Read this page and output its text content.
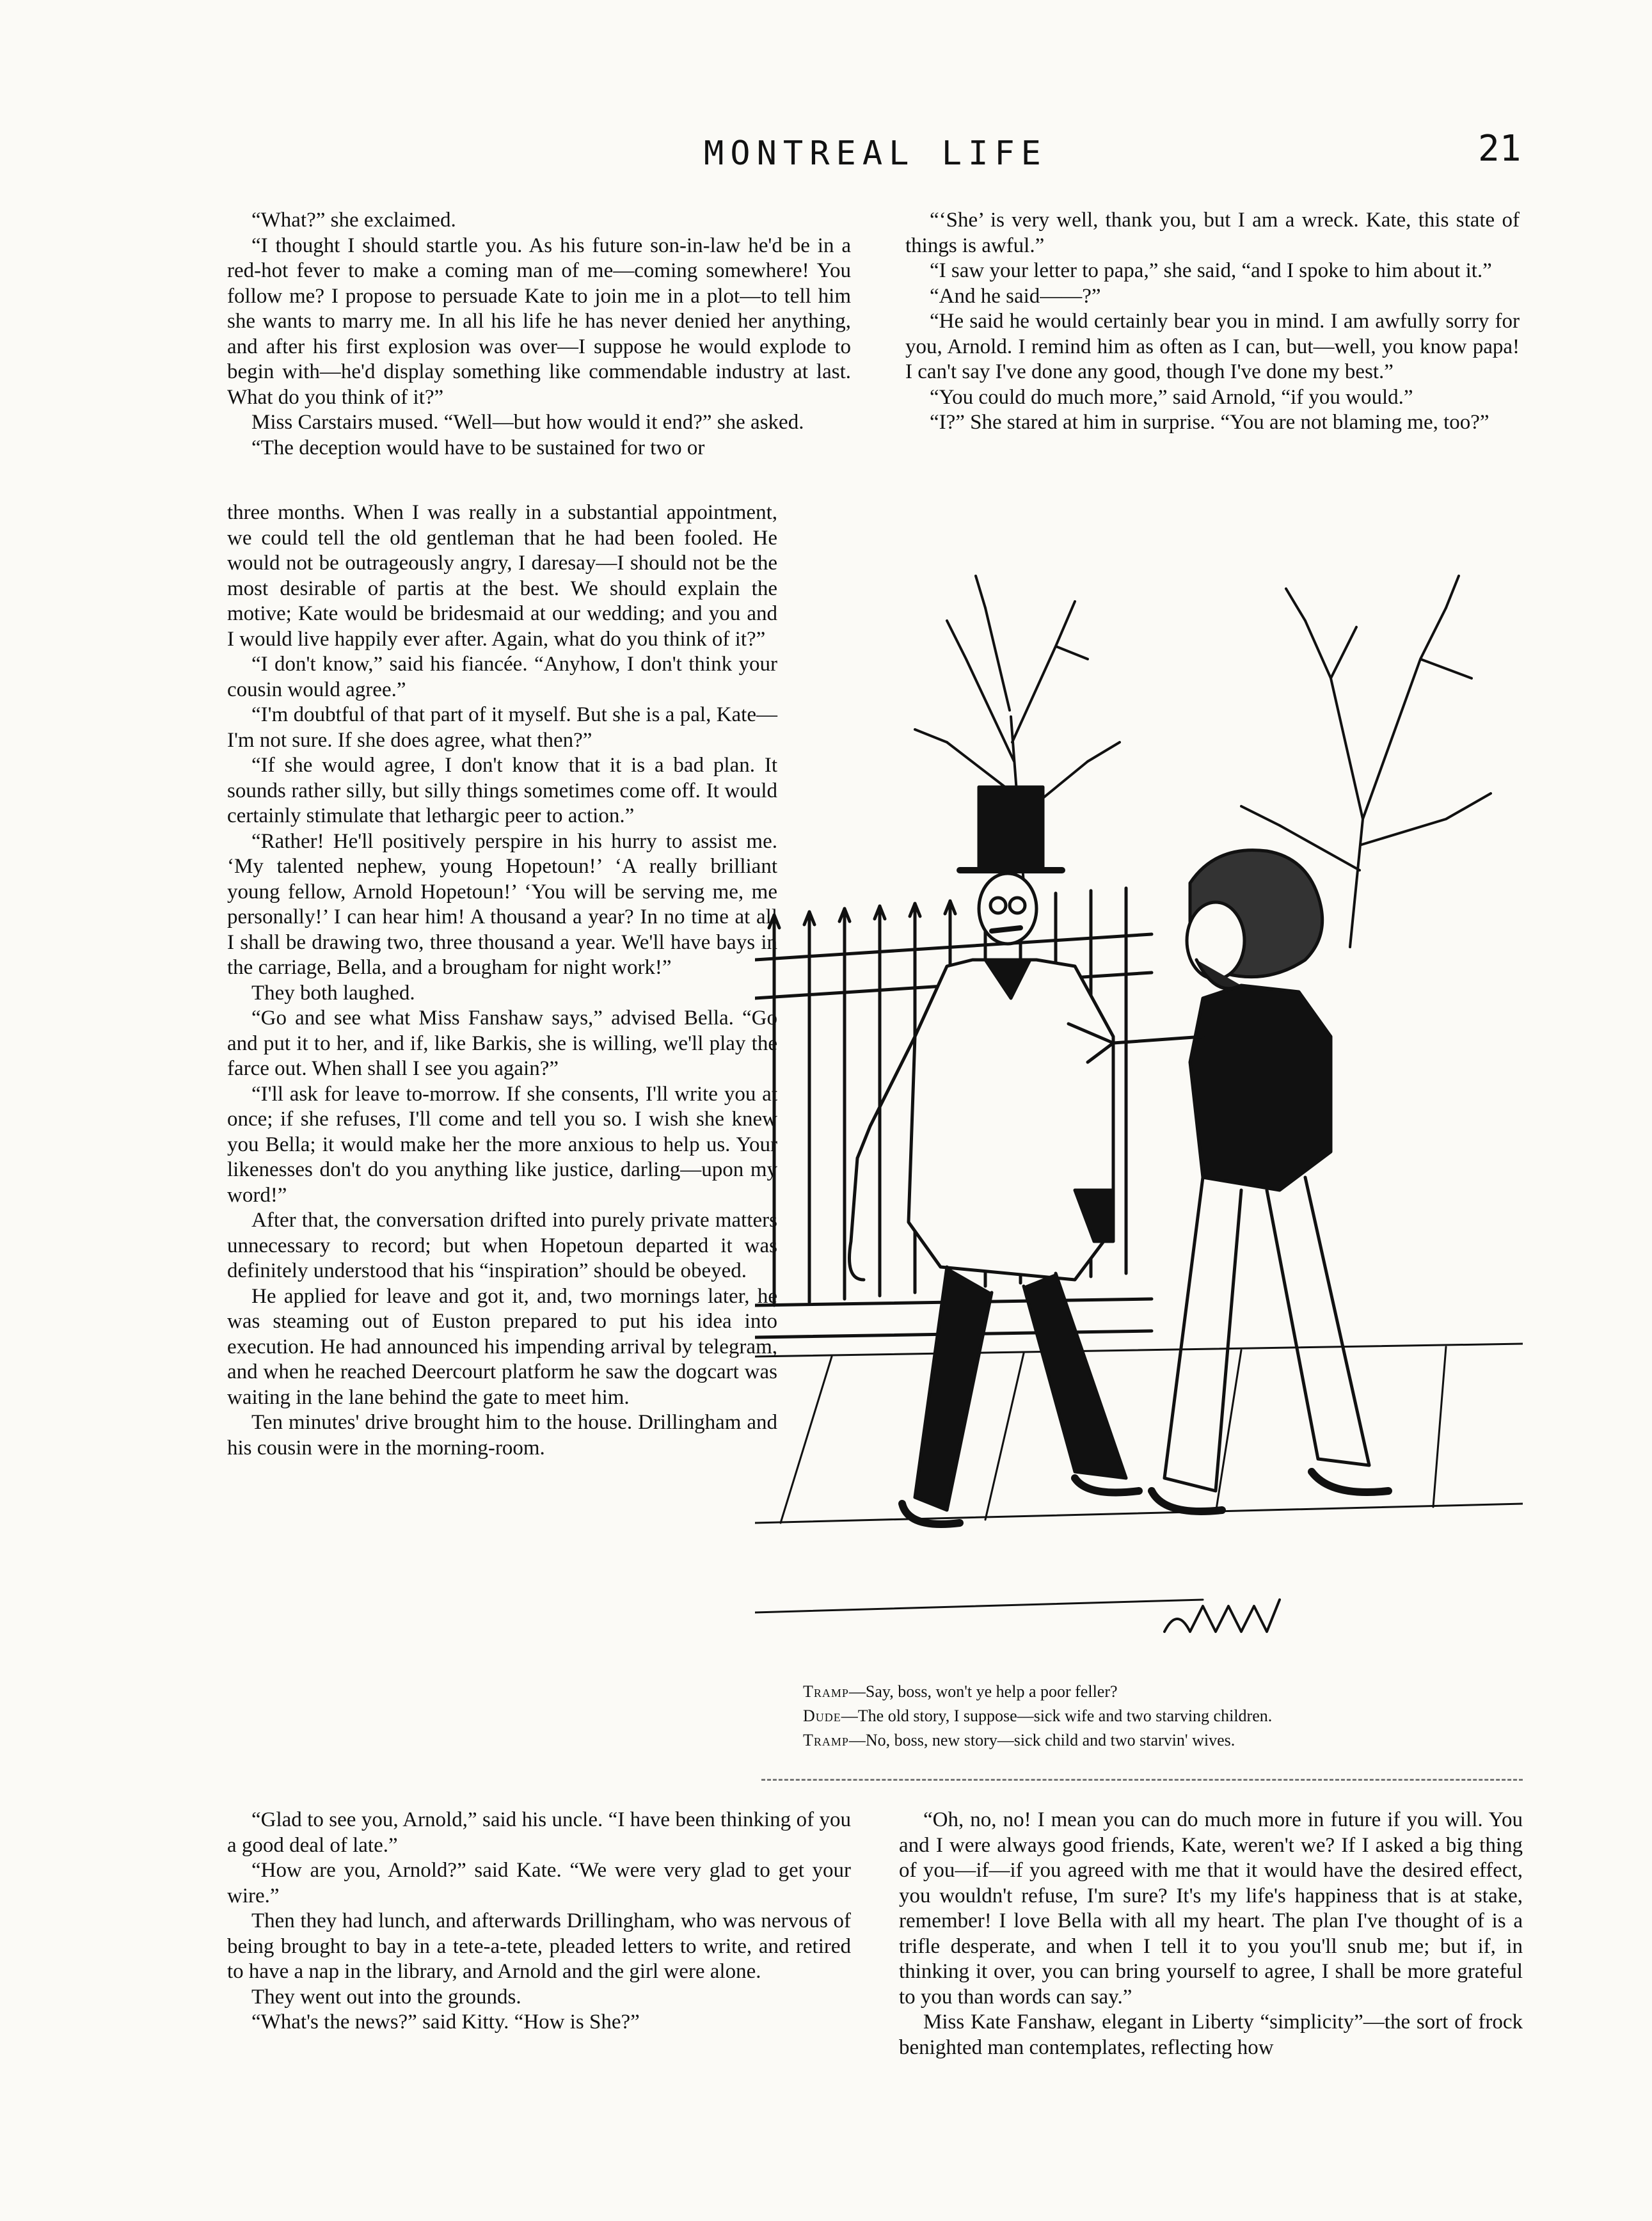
MONTREAL LIFE	21

“What?” she exclaimed.

“I thought I should startle you. As his future son-in-law he'd be in a red-hot fever to make a coming man of me—coming somewhere! You follow me? I propose to persuade Kate to join me in a plot—to tell him she wants to marry me. In all his life he has never denied her anything, and after his first explosion was over—I suppose he would explode to begin with—he'd display something like commendable industry at last. What do you think of it?”

Miss Carstairs mused. “Well—but how would it end?” she asked.

“The deception would have to be sustained for two or

three months. When I was really in a substantial appointment, we could tell the old gentleman that he had been fooled. He would not be outrageously angry, I daresay—I should not be the most desirable of partis at the best. We should explain the motive; Kate would be bridesmaid at our wedding; and you and I would live happily ever after. Again, what do you think of it?”

“I don't know,” said his fiancée. “Anyhow, I don't think your cousin would agree.”

“I'm doubtful of that part of it myself. But she is a pal, Kate—I'm not sure. If she does agree, what then?”

“If she would agree, I don't know that it is a bad plan. It sounds rather silly, but silly things sometimes come off. It would certainly stimulate that lethargic peer to action.”

“Rather! He'll positively perspire in his hurry to assist me. ‘My talented nephew, young Hopetoun!’ ‘A really brilliant young fellow, Arnold Hopetoun!’ ‘You will be serving me, me personally!’ I can hear him! A thousand a year? In no time at all I shall be drawing two, three thousand a year. We'll have bays in the carriage, Bella, and a brougham for night work!”

They both laughed.

“Go and see what Miss Fanshaw says,” advised Bella. “Go and put it to her, and if, like Barkis, she is willing, we'll play the farce out. When shall I see you again?”

“I'll ask for leave to-morrow. If she consents, I'll write you at once; if she refuses, I'll come and tell you so. I wish she knew you Bella; it would make her the more anxious to help us. Your likenesses don't do you anything like justice, darling—upon my word!”

After that, the conversation drifted into purely private matters unnecessary to record; but when Hopetoun departed it was definitely understood that his “inspiration” should be obeyed.

He applied for leave and got it, and, two mornings later, he was steaming out of Euston prepared to put his idea into execution. He had announced his impending arrival by telegram, and when he reached Deercourt platform he saw the dogcart was waiting in the lane behind the gate to meet him.

Ten minutes' drive brought him to the house. Drillingham and his cousin were in the morning-room.

“Glad to see you, Arnold,” said his uncle. “I have been thinking of you a good deal of late.”

“How are you, Arnold?” said Kate. “We were very glad to get your wire.”

Then they had lunch, and afterwards Drillingham, who was nervous of being brought to bay in a tete-a-tete, pleaded letters to write, and retired to have a nap in the library, and Arnold and the girl were alone.

They went out into the grounds.

“What's the news?” said Kitty. “How is She?”

“‘She’ is very well, thank you, but I am a wreck. Kate, this state of things is awful.”

“I saw your letter to papa,” she said, “and I spoke to him about it.”

“And he said——?”

“He said he would certainly bear you in mind. I am awfully sorry for you, Arnold. I remind him as often as I can, but—well, you know papa! I can't say I've done any good, though I've done my best.”

“You could do much more,” said Arnold, “if you would.”

“I?” She stared at him in surprise. “You are not blaming me, too?”

Tramp—Say, boss, won't ye help a poor feller?

Dude—The old story, I suppose—sick wife and two starving children.

Tramp—No, boss, new story—sick child and two starvin' wives.

“Oh, no, no! I mean you can do much more in future if you will. You and I were always good friends, Kate, weren't we? If I asked a big thing of you—if—if you agreed with me that it would have the desired effect, you wouldn't refuse, I'm sure? It's my life's happiness that is at stake, remember! I love Bella with all my heart. The plan I've thought of is a trifle desperate, and when I tell it to you you'll snub me; but if, in thinking it over, you can bring yourself to agree, I shall be more grateful to you than words can say.”

Miss Kate Fanshaw, elegant in Liberty “simplicity”—the sort of frock benighted man contemplates, reflecting how
